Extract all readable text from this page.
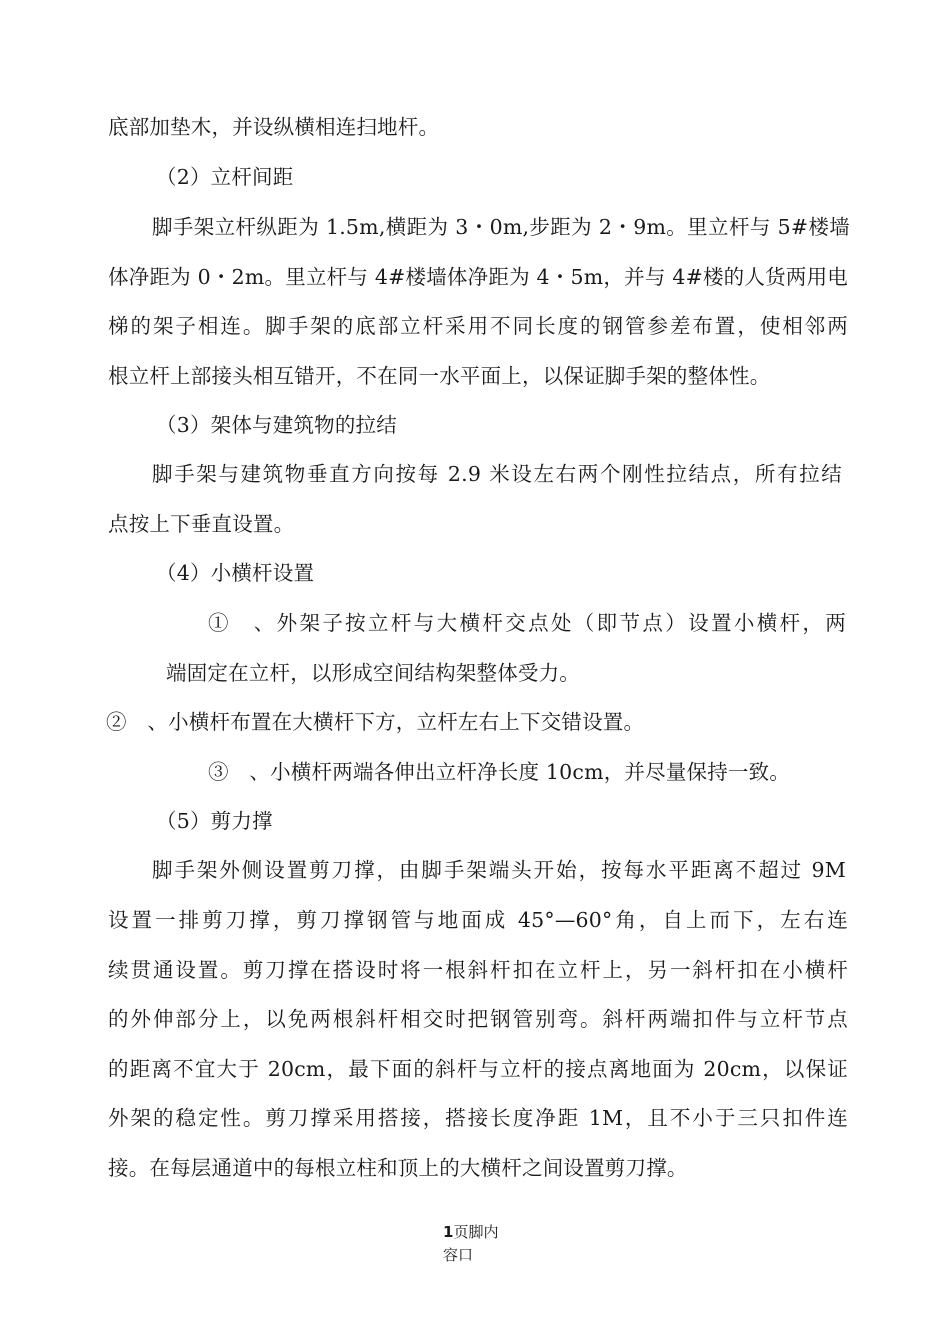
底部加垫木，并设纵横相连扫地杆。
（2）立杆间距
脚手架立杆纵距为 1.5m,横距为 3・0m,步距为 2・9m。里立杆与 5#楼墙
体净距为 0・2m。里立杆与 4#楼墙体净距为 4・5m，并与 4#楼的人货两用电
梯的架子相连。脚手架的底部立杆采用不同长度的钢管参差布置，使相邻两
根立杆上部接头相互错开，不在同一水平面上，以保证脚手架的整体性。
（3）架体与建筑物的拉结
脚手架与建筑物垂直方向按每 2.9 米设左右两个刚性拉结点，所有拉结
点按上下垂直设置。
（4）小横杆设置
①　、外架子按立杆与大横杆交点处（即节点）设置小横杆，两
端固定在立杆，以形成空间结构架整体受力。
②　、小横杆布置在大横杆下方，立杆左右上下交错设置。
③　、小横杆两端各伸出立杆净长度 10cm，并尽量保持一致。
（5）剪力撑
脚手架外侧设置剪刀撑，由脚手架端头开始，按每水平距离不超过 9M
设置一排剪刀撑，剪刀撑钢管与地面成 45°—60°角，自上而下，左右连
续贯通设置。剪刀撑在搭设时将一根斜杆扣在立杆上，另一斜杆扣在小横杆
的外伸部分上，以免两根斜杆相交时把钢管别弯。斜杆两端扣件与立杆节点
的距离不宜大于 20cm，最下面的斜杆与立杆的接点离地面为 20cm，以保证
外架的稳定性。剪刀撑采用搭接，搭接长度净距 1M，且不小于三只扣件连
接。在每层通道中的每根立柱和顶上的大横杆之间设置剪刀撑。
1页脚内
容口
